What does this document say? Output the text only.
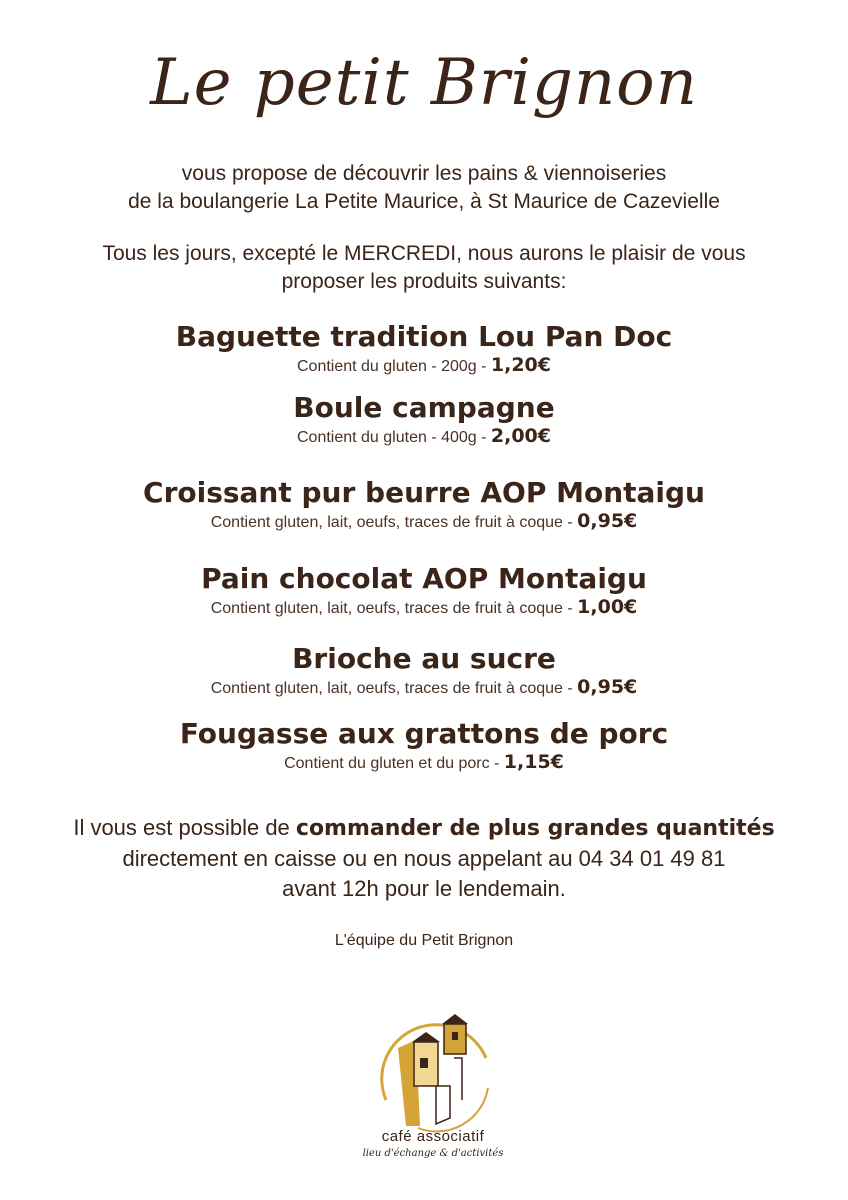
Le petit Brignon
vous propose de découvrir les pains & viennoiseries
de la boulangerie La Petite Maurice, à St Maurice de Cazevielle
Tous les jours, excepté le MERCREDI, nous aurons le plaisir de vous
proposer les produits suivants:
Baguette tradition Lou Pan Doc
Contient du gluten - 200g - 1,20€
Boule campagne
Contient du gluten - 400g - 2,00€
Croissant pur beurre AOP Montaigu
Contient gluten, lait, oeufs, traces de fruit à coque - 0,95€
Pain chocolat AOP Montaigu
Contient gluten, lait, oeufs, traces de fruit à coque - 1,00€
Brioche au sucre
Contient gluten, lait, oeufs, traces de fruit à coque - 0,95€
Fougasse aux grattons de porc
Contient du gluten et du porc - 1,15€
Il vous est possible de commander de plus grandes quantités
directement en caisse ou en nous appelant au 04 34 01 49 81
avant 12h pour le lendemain.
L'équipe du Petit Brignon
café associatif
lieu d'échange & d'activités
